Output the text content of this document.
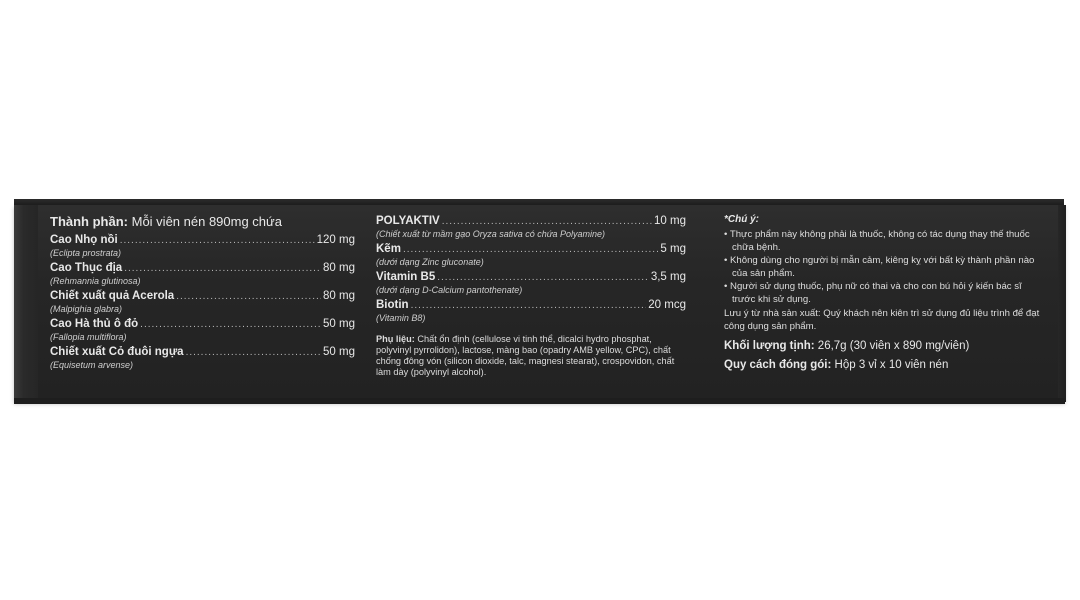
Thành phần: Mỗi viên nén 890mg chứa
Cao Nhọ nồi .....	120 mg
(Eclipta prostrata)
Cao Thục địa .....	80 mg
(Rehmannia glutinosa)
Chiết xuất quả Acerola .....	80 mg
(Malpighia glabra)
Cao Hà thủ ô đỏ .....	50 mg
(Fallopia multiflora)
Chiết xuất Cỏ đuôi ngựa .....	50 mg
(Equisetum arvense)
POLYAKTIV .....	10 mg
(Chiết xuất từ mầm gạo Oryza sativa có chứa Polyamine)
Kẽm .....	5 mg
(dưới dạng Zinc gluconate)
Vitamin B5 .....	3,5 mg
(dưới dạng D-Calcium pantothenate)
Biotin .....	20 mcg
(Vitamin B8)
Phụ liệu: Chất ổn định (cellulose vi tinh thể, dicalci hydro phosphat, polyvinyl pyrrolidon), lactose, màng bao (opadry AMB yellow, CPC), chất chống đông vón (silicon dioxide, talc, magnesi stearat), crospovidon, chất làm dày (polyvinyl alcohol).
*Chú ý:
• Thực phẩm này không phải là thuốc, không có tác dụng thay thế thuốc chữa bệnh.
• Không dùng cho người bị mẫn cảm, kiêng kỵ với bất kỳ thành phần nào của sản phẩm.
• Người sử dụng thuốc, phụ nữ có thai và cho con bú hỏi ý kiến bác sĩ trước khi sử dụng.
Lưu ý từ nhà sản xuất: Quý khách nên kiên trì sử dụng đủ liệu trình để đạt công dụng sản phẩm.
Khối lượng tịnh: 26,7g (30 viên x 890 mg/viên)
Quy cách đóng gói: Hộp 3 vỉ x 10 viên nén
